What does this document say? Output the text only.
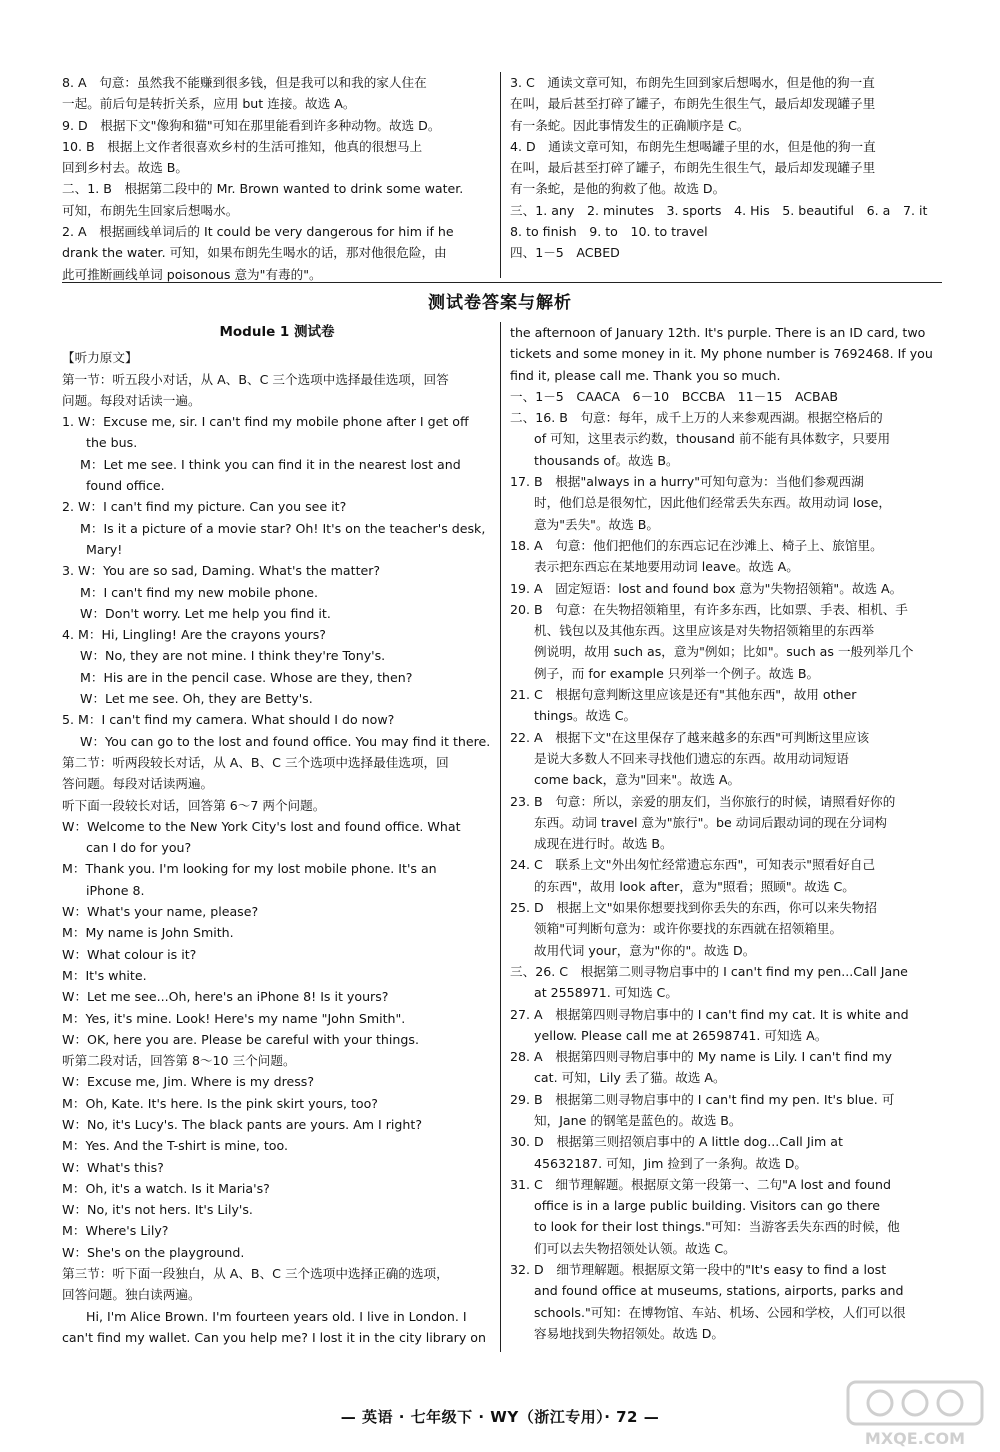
8. A　句意：虽然我不能赚到很多钱，但是我可以和我的家人住在

一起。前后句是转折关系，应用 but 连接。故选 A。

9. D　根据下文"像狗和猫"可知在那里能看到许多种动物。故选 D。

10. B　根据上文作者很喜欢乡村的生活可推知，他真的很想马上

回到乡村去。故选 B。

二、1. B　根据第二段中的 Mr. Brown wanted to drink some water.

可知，布朗先生回家后想喝水。

2. A　根据画线单词后的 It could be very dangerous for him if he

drank the water. 可知，如果布朗先生喝水的话，那对他很危险，由

此可推断画线单词 poisonous 意为"有毒的"。

3. C　通读文章可知，布朗先生回到家后想喝水，但是他的狗一直

在叫，最后甚至打碎了罐子，布朗先生很生气，最后却发现罐子里

有一条蛇。因此事情发生的正确顺序是 C。

4. D　通读文章可知，布朗先生想喝罐子里的水，但是他的狗一直

在叫，最后甚至打碎了罐子，布朗先生很生气，最后却发现罐子里

有一条蛇，是他的狗救了他。故选 D。

三、1. any　2. minutes　3. sports　4. His　5. beautiful　6. a　7. it

8. to finish　9. to　10. to travel

四、1－5　ACBED

测试卷答案与解析
Module 1 测试卷

【听力原文】

第一节：听五段小对话，从 A、B、C 三个选项中选择最佳选项，回答

问题。每段对话读一遍。

1. W：Excuse me, sir. I can't find my mobile phone after I get off

the bus.

M：Let me see. I think you can find it in the nearest lost and

found office.

2. W：I can't find my picture. Can you see it?

M：Is it a picture of a movie star? Oh! It's on the teacher's desk,

Mary!

3. W：You are so sad, Daming. What's the matter?

M：I can't find my new mobile phone.

W：Don't worry. Let me help you find it.

4. M：Hi, Lingling! Are the crayons yours?

W：No, they are not mine. I think they're Tony's.

M：His are in the pencil case. Whose are they, then?

W：Let me see. Oh, they are Betty's.

5. M：I can't find my camera. What should I do now?

W：You can go to the lost and found office. You may find it there.

第二节：听两段较长对话，从 A、B、C 三个选项中选择最佳选项，回

答问题。每段对话读两遍。

听下面一段较长对话，回答第 6～7 两个问题。

W：Welcome to the New York City's lost and found office. What

can I do for you?

M：Thank you. I'm looking for my lost mobile phone. It's an

iPhone 8.

W：What's your name, please?

M：My name is John Smith.

W：What colour is it?

M：It's white.

W：Let me see...Oh, here's an iPhone 8! Is it yours?

M：Yes, it's mine. Look! Here's my name "John Smith".

W：OK, here you are. Please be careful with your things.

听第二段对话，回答第 8～10 三个问题。

W：Excuse me, Jim. Where is my dress?

M：Oh, Kate. It's here. Is the pink skirt yours, too?

W：No, it's Lucy's. The black pants are yours. Am I right?

M：Yes. And the T-shirt is mine, too.

W：What's this?

M：Oh, it's a watch. Is it Maria's?

W：No, it's not hers. It's Lily's.

M：Where's Lily?

W：She's on the playground.

第三节：听下面一段独白，从 A、B、C 三个选项中选择正确的选项，

回答问题。独白读两遍。

Hi, I'm Alice Brown. I'm fourteen years old. I live in London. I

can't find my wallet. Can you help me? I lost it in the city library on

the afternoon of January 12th. It's purple. There is an ID card, two

tickets and some money in it. My phone number is 7692468. If you

find it, please call me. Thank you so much.

一、1－5　CAACA　6－10　BCCBA　11－15　ACBAB

二、16. B　句意：每年，成千上万的人来参观西湖。根据空格后的

of 可知，这里表示约数，thousand 前不能有具体数字，只要用

thousands of。故选 B。

17. B　根据"always in a hurry"可知句意为：当他们参观西湖

时，他们总是很匆忙，因此他们经常丢失东西。故用动词 lose，

意为"丢失"。故选 B。

18. A　句意：他们把他们的东西忘记在沙滩上、椅子上、旅馆里。

表示把东西忘在某地要用动词 leave。故选 A。

19. A　固定短语：lost and found box 意为"失物招领箱"。故选 A。

20. B　句意：在失物招领箱里，有许多东西，比如票、手表、相机、手

机、钱包以及其他东西。这里应该是对失物招领箱里的东西举

例说明，故用 such as，意为"例如；比如"。such as 一般列举几个

例子，而 for example 只列举一个例子。故选 B。

21. C　根据句意判断这里应该是还有"其他东西"，故用 other

things。故选 C。

22. A　根据下文"在这里保存了越来越多的东西"可判断这里应该

是说大多数人不回来寻找他们遗忘的东西。故用动词短语

come back，意为"回来"。故选 A。

23. B　句意：所以，亲爱的朋友们，当你旅行的时候，请照看好你的

东西。动词 travel 意为"旅行"。be 动词后跟动词的现在分词构

成现在进行时。故选 B。

24. C　联系上文"外出匆忙经常遗忘东西"，可知表示"照看好自己

的东西"，故用 look after，意为"照看；照顾"。故选 C。

25. D　根据上文"如果你想要找到你丢失的东西，你可以来失物招

领箱"可判断句意为：或许你要找的东西就在招领箱里。

故用代词 your，意为"你的"。故选 D。

三、26. C　根据第二则寻物启事中的 I can't find my pen...Call Jane

at 2558971. 可知选 C。

27. A　根据第四则寻物启事中的 I can't find my cat. It is white and

yellow. Please call me at 26598741. 可知选 A。

28. A　根据第四则寻物启事中的 My name is Lily. I can't find my

cat. 可知，Lily 丢了猫。故选 A。

29. B　根据第二则寻物启事中的 I can't find my pen. It's blue. 可

知，Jane 的钢笔是蓝色的。故选 B。

30. D　根据第三则招领启事中的 A little dog...Call Jim at

45632187. 可知，Jim 捡到了一条狗。故选 D。

31. C　细节理解题。根据原文第一段第一、二句"A lost and found

office is in a large public building. Visitors can go there

to look for their lost things."可知：当游客丢失东西的时候，他

们可以去失物招领处认领。故选 C。

32. D　细节理解题。根据原文第一段中的"It's easy to find a lost

and found office at museums, stations, airports, parks and

schools."可知：在博物馆、车站、机场、公园和学校，人们可以很

容易地找到失物招领处。故选 D。

— 英语 · 七年级下 · WY（浙江专用）· 72 —
MXQE.COM
